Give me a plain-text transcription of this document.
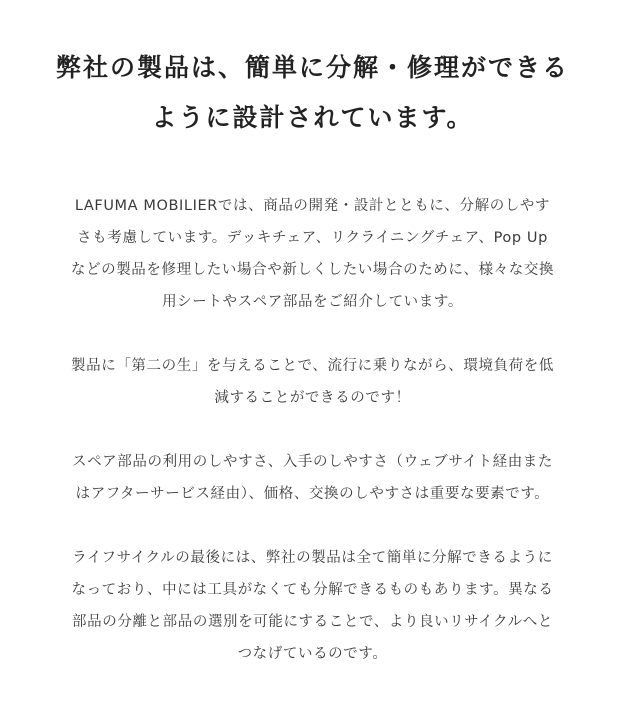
弊社の製品は、簡単に分解・修理ができる
ように設計されています。

LAFUMA MOBILIERでは、商品の開発・設計とともに、分解のしやす
さも考慮しています。デッキチェア、リクライニングチェア、Pop Up
などの製品を修理したい場合や新しくしたい場合のために、様々な交換
用シートやスペア部品をご紹介しています。

製品に「第二の生」を与えることで、流行に乗りながら、環境負荷を低
減することができるのです！

スペア部品の利用のしやすさ、入手のしやすさ（ウェブサイト経由また
はアフターサービス経由）、価格、交換のしやすさは重要な要素です。

ライフサイクルの最後には、弊社の製品は全て簡単に分解できるように
なっており、中には工具がなくても分解できるものもあります。異なる
部品の分離と部品の選別を可能にすることで、より良いリサイクルへと
つなげているのです。
